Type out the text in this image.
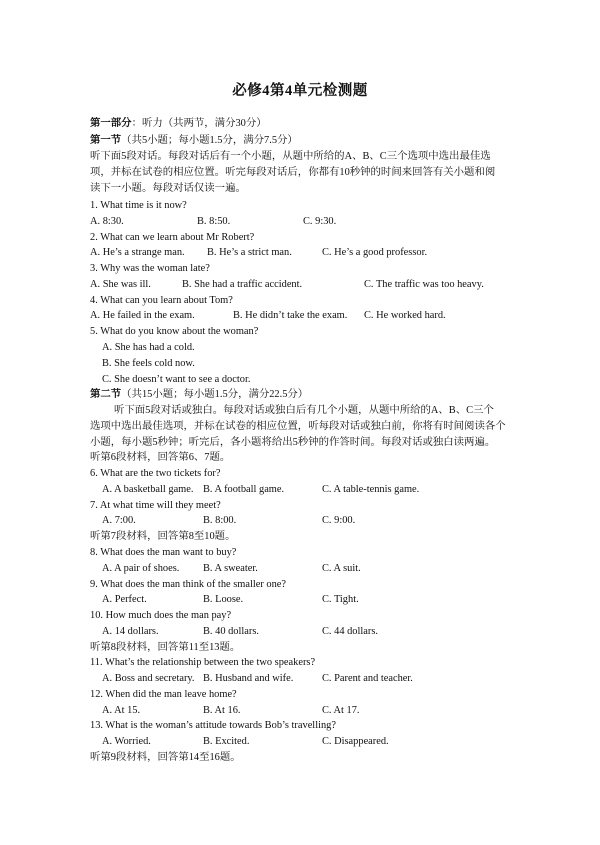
必修4第4单元检测题
第一部分：听力（共两节，满分30分）
第一节（共5小题；每小题1.5分，满分7.5分）
听下面5段对话。每段对话后有一个小题，从题中所给的A、B、C三个选项中选出最佳选
项，并标在试卷的相应位置。听完每段对话后，你都有10秒钟的时间来回答有关小题和阅
读下一小题。每段对话仅读一遍。
1. What time is it now?
A. 8:30.	B. 8:50.	C. 9:30.
2. What can we learn about Mr Robert?
A. He’s a strange man. B. He’s a strict man.	C. He’s a good professor.
3. Why was the woman late?
A. She was ill.	B. She had a traffic accident.	C. The traffic was too heavy.
4. What can you learn about Tom?
A. He failed in the exam.	B. He didn’t take the exam. C. He worked hard.
5. What do you know about the woman?
A. She has had a cold.
B. She feels cold now.
C. She doesn’t want to see a doctor.
第二节（共15小题；每小题1.5分，满分22.5分）
听下面5段对话或独白。每段对话或独白后有几个小题，从题中所给的A、B、C三个
选项中选出最佳选项，并标在试卷的相应位置，听每段对话或独白前，你将有时间阅读各个
小题，每小题5秒钟；听完后，各小题将给出5秒钟的作答时间。每段对话或独白读两遍。
听第6段材料，回答第6、7题。
6. What are the two tickets for?
A. A basketball game. B. A football game.	C. A table-tennis game.
7. At what time will they meet?
A. 7:00.	B. 8:00.	C. 9:00.
听第7段材料，回答第8至10题。
8. What does the man want to buy?
A. A pair of shoes. B. A sweater.	C. A suit.
9. What does the man think of the smaller one?
A. Perfect.	B. Loose.	C. Tight.
10. How much does the man pay?
A. 14 dollars.	B. 40 dollars.	C. 44 dollars.
听第8段材料，回答第11至13题。
11. What’s the relationship between the two speakers?
A. Boss and secretary. B. Husband and wife.	C. Parent and teacher.
12. When did the man leave home?
A. At 15.	B. At 16.	C. At 17.
13. What is the woman’s attitude towards Bob’s travelling?
A. Worried.	B. Excited.	C. Disappeared.
听第9段材料，回答第14至16题。
